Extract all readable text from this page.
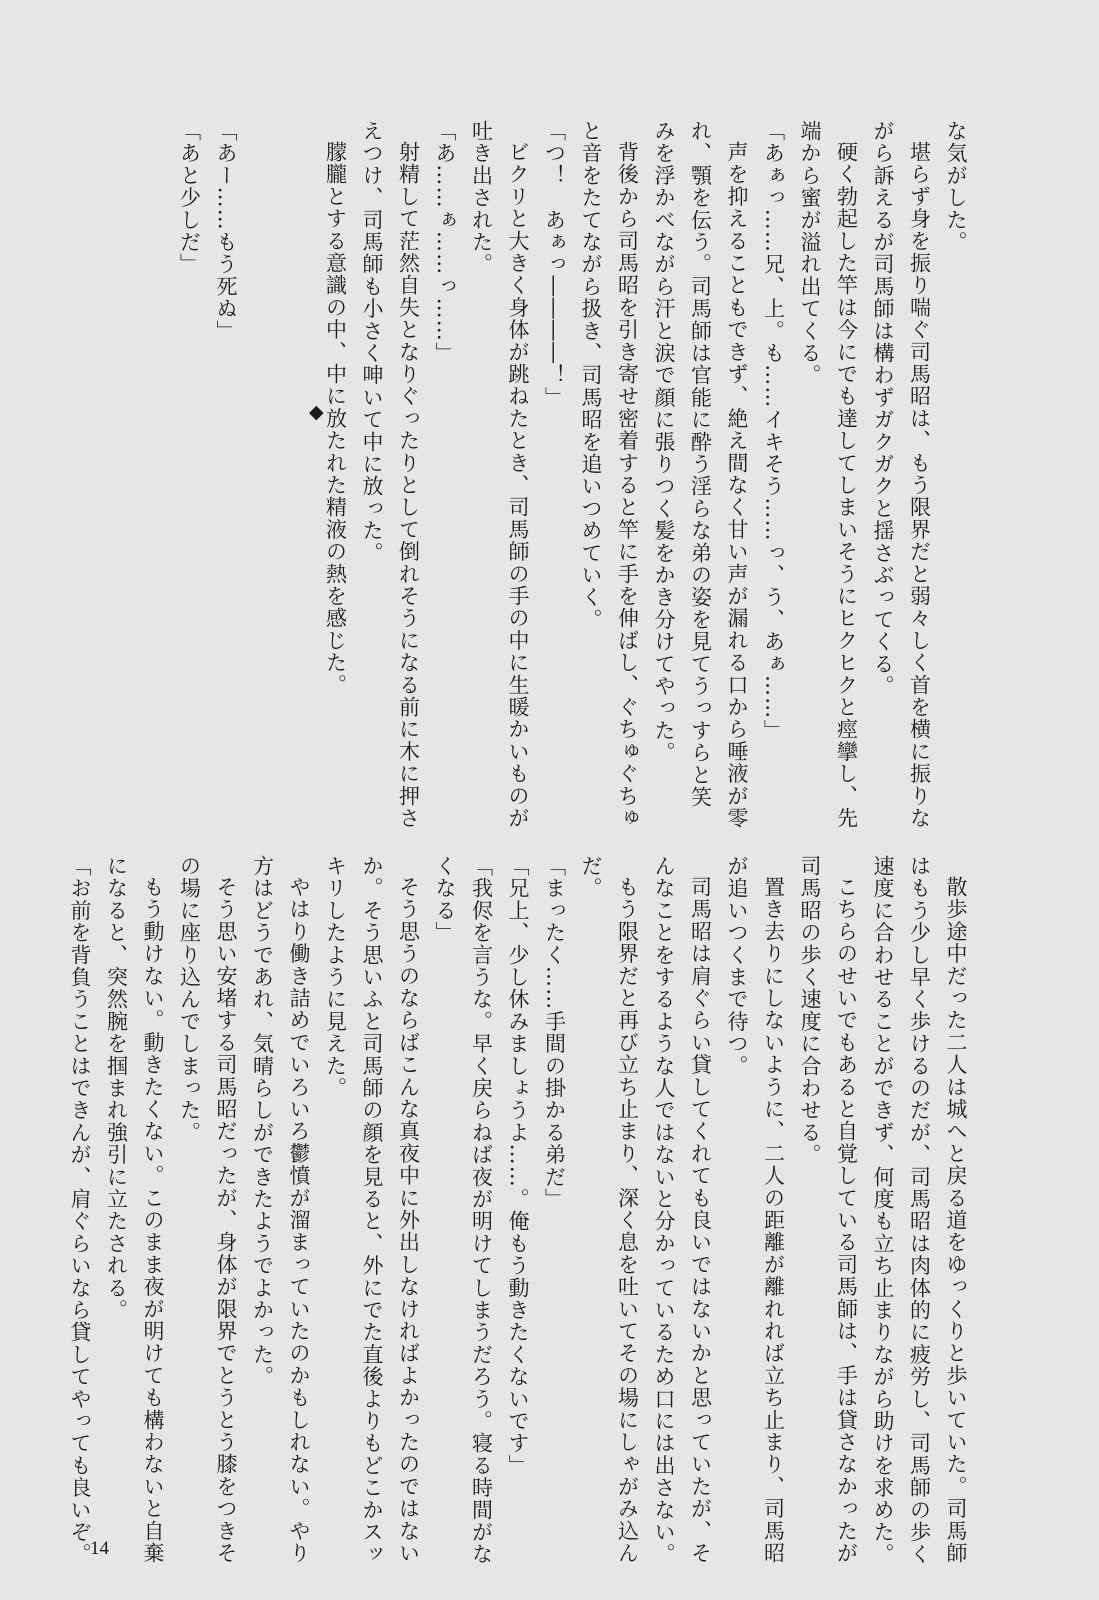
な気がした。

堪らず身を振り喘ぐ司馬昭は、もう限界だと弱々しく首を横に振りな

がら訴えるが司馬師は構わずガクガクと揺さぶってくる。

硬く勃起した竿は今にでも達してしまいそうにヒクヒクと痙攣し、先

端から蜜が溢れ出てくる。

「あぁっ……兄、上。も……イキそう……っ、う、あぁ……」

声を抑えることもできず、絶え間なく甘い声が漏れる口から唾液が零

れ、顎を伝う。司馬師は官能に酔う淫らな弟の姿を見てうっすらと笑

みを浮かべながら汗と涙で顔に張りつく髪をかき分けてやった。

背後から司馬昭を引き寄せ密着すると竿に手を伸ばし、ぐちゅぐちゅ

と音をたてながら扱き、司馬昭を追いつめていく。

「つ！　あぁっ――――！」

ビクリと大きく身体が跳ねたとき、司馬師の手の中に生暖かいものが

吐き出された。

「あ……ぁ……っ……」

射精して茫然自失となりぐったりとして倒れそうになる前に木に押さ

えつけ、司馬師も小さく呻いて中に放った。

朦朧とする意識の中、中に放たれた精液の熱を感じた。

「あー……もう死ぬ」

「あと少しだ」

◆

散歩途中だった二人は城へと戻る道をゆっくりと歩いていた。司馬師

はもう少し早く歩けるのだが、司馬昭は肉体的に疲労し、司馬師の歩く

速度に合わせることができず、何度も立ち止まりながら助けを求めた。

こちらのせいでもあると自覚している司馬師は、手は貸さなかったが

司馬昭の歩く速度に合わせる。

置き去りにしないように、二人の距離が離れれば立ち止まり、司馬昭

が追いつくまで待つ。

司馬昭は肩ぐらい貸してくれても良いではないかと思っていたが、そ

んなことをするような人ではないと分かっているため口には出さない。

もう限界だと再び立ち止まり、深く息を吐いてその場にしゃがみ込ん

だ。

「まったく……手間の掛かる弟だ」

「兄上、少し休みましょうよ……。俺もう動きたくないです」

「我侭を言うな。早く戻らねば夜が明けてしまうだろう。寝る時間がな

くなる」

そう思うのならばこんな真夜中に外出しなければよかったのではない

か。そう思いふと司馬師の顔を見ると、外にでた直後よりもどこかスッ

キリしたように見えた。

やはり働き詰めでいろいろ鬱憤が溜まっていたのかもしれない。やり

方はどうであれ、気晴らしができたようでよかった。

そう思い安堵する司馬昭だったが、身体が限界でとうとう膝をつきそ

の場に座り込んでしまった。

もう動けない。動きたくない。このまま夜が明けても構わないと自棄

になると、突然腕を掴まれ強引に立たされる。

「お前を背負うことはできんが、肩ぐらいなら貸してやっても良いぞ。

14
